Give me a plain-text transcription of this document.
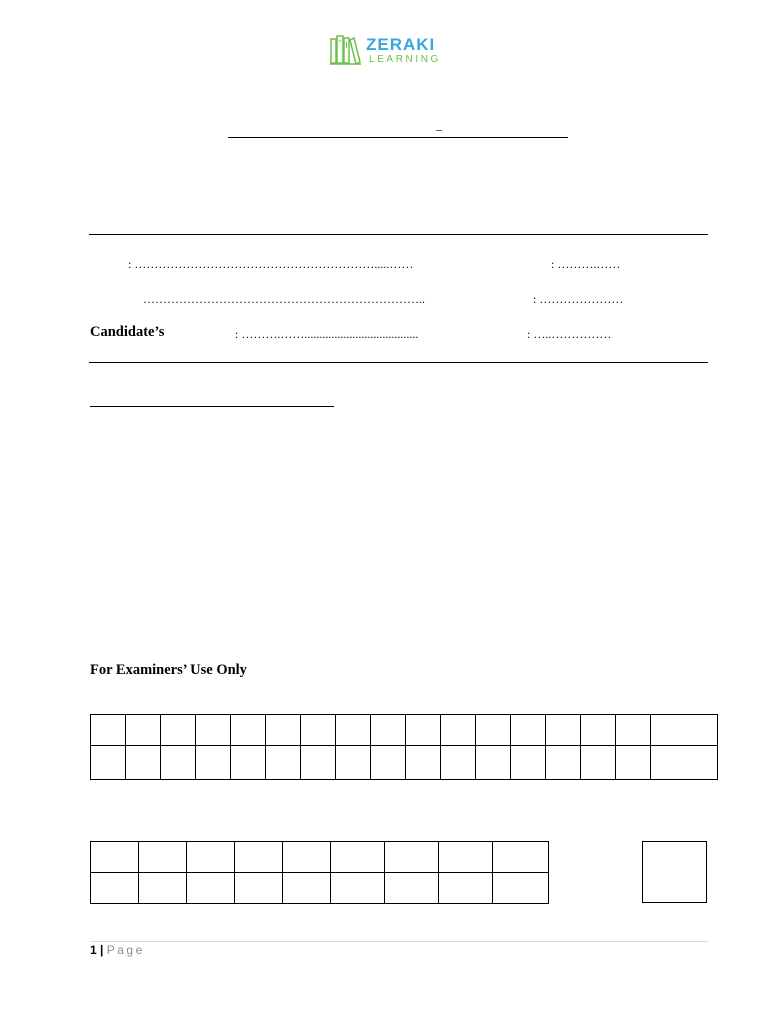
ZERAKI
LEARNING
–
: …………………………………………………….....……	: ……….……
……………………………………………………………..	: …………………
Candidate’s	: ……….……......................................	: …..……………
For Examiners’ Use Only

1 | Page
